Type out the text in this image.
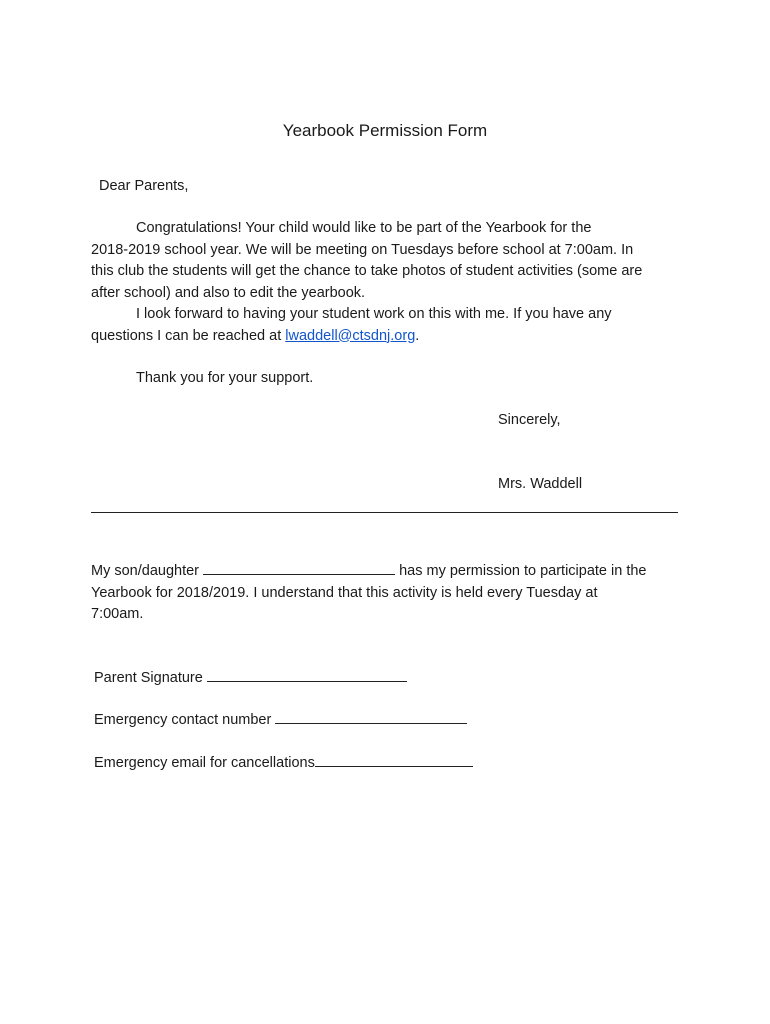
Yearbook Permission Form
Dear Parents,
Congratulations! Your child would like to be part of the Yearbook for the
2018-2019 school year. We will be meeting on Tuesdays before school at 7:00am. In
this club the students will get the chance to take photos of student activities (some are
after school) and also to edit the yearbook.
I look forward to having your student work on this with me. If you have any
questions I can be reached at lwaddell@ctsdnj.org.
Thank you for your support.
Sincerely,
Mrs. Waddell
My son/daughter	has my permission to participate in the
Yearbook for 2018/2019. I understand that this activity is held every Tuesday at
7:00am.
Parent Signature
Emergency contact number
Emergency email for cancellations
